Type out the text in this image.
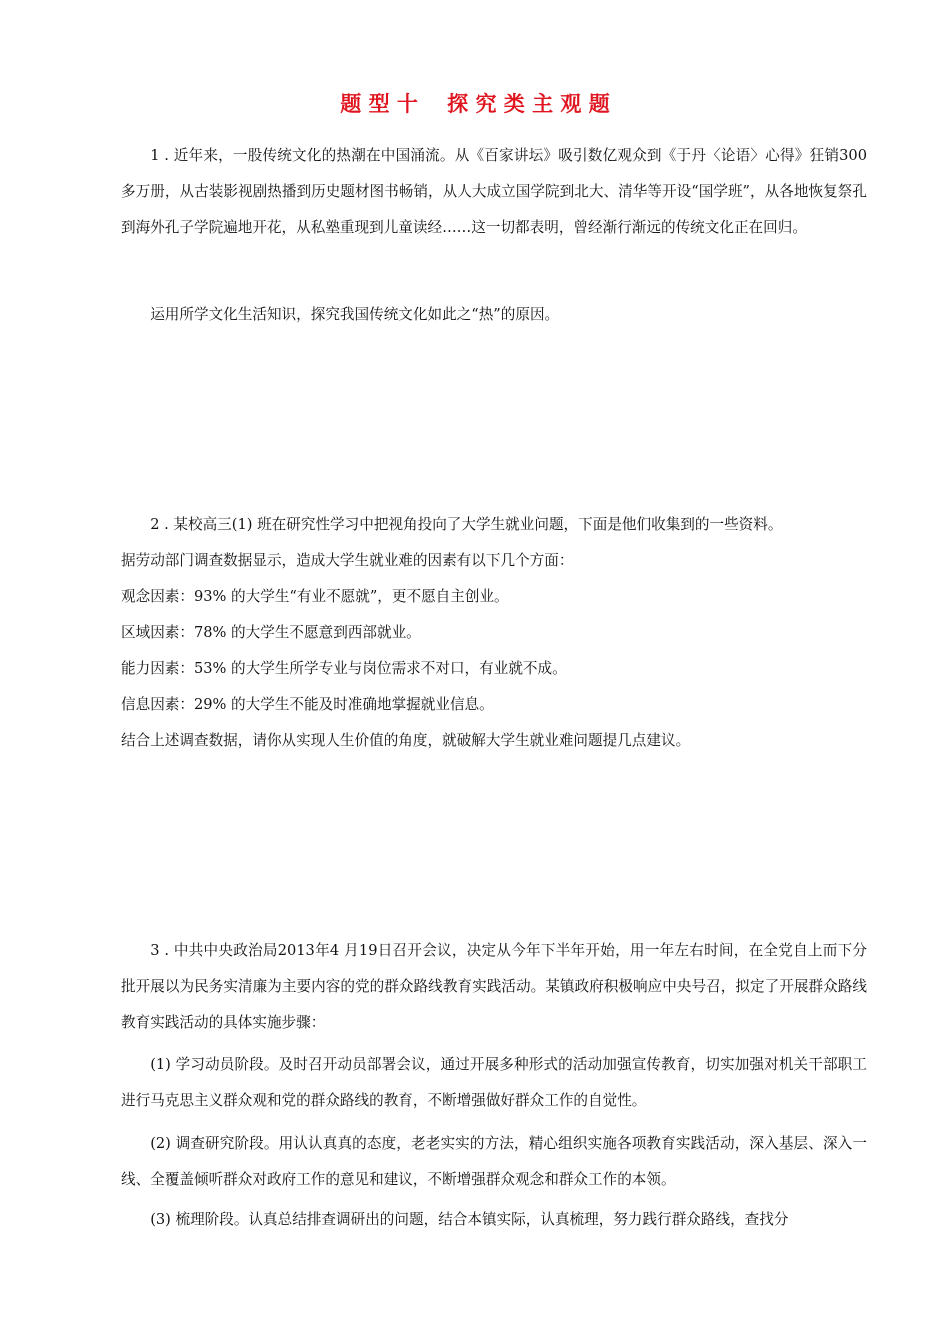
题 型 十    探 究 类 主 观 题

1 . 近年来，一股传统文化的热潮在中国涌流。从《百家讲坛》吸引数亿观众到《于丹〈论语〉心得》狂销300 多万册，从古装影视剧热播到历史题材图书畅销，从人大成立国学院到北大、清华等开设“国学班”，从各地恢复祭孔到海外孔子学院遍地开花，从私塾重现到儿童读经……这一切都表明，曾经渐行渐远的传统文化正在回归。

运用所学文化生活知识，探究我国传统文化如此之“热”的原因。

2 . 某校高三(1) 班在研究性学习中把视角投向了大学生就业问题，下面是他们收集到的一些资料。

据劳动部门调查数据显示，造成大学生就业难的因素有以下几个方面：

观念因素：93% 的大学生“有业不愿就”，更不愿自主创业。

区域因素：78% 的大学生不愿意到西部就业。

能力因素：53% 的大学生所学专业与岗位需求不对口，有业就不成。

信息因素：29% 的大学生不能及时准确地掌握就业信息。

结合上述调查数据，请你从实现人生价值的角度，就破解大学生就业难问题提几点建议。

3 . 中共中央政治局2013年4 月19日召开会议，决定从今年下半年开始，用一年左右时间，在全党自上而下分批开展以为民务实清廉为主要内容的党的群众路线教育实践活动。某镇政府积极响应中央号召，拟定了开展群众路线教育实践活动的具体实施步骤：

(1) 学习动员阶段。及时召开动员部署会议，通过开展多种形式的活动加强宣传教育，切实加强对机关干部职工进行马克思主义群众观和党的群众路线的教育，不断增强做好群众工作的自觉性。

(2) 调查研究阶段。用认认真真的态度，老老实实的方法，精心组织实施各项教育实践活动，深入基层、深入一线、全覆盖倾听群众对政府工作的意见和建议，不断增强群众观念和群众工作的本领。

(3) 梳理阶段。认真总结排查调研出的问题，结合本镇实际，认真梳理，努力践行群众路线，查找分
